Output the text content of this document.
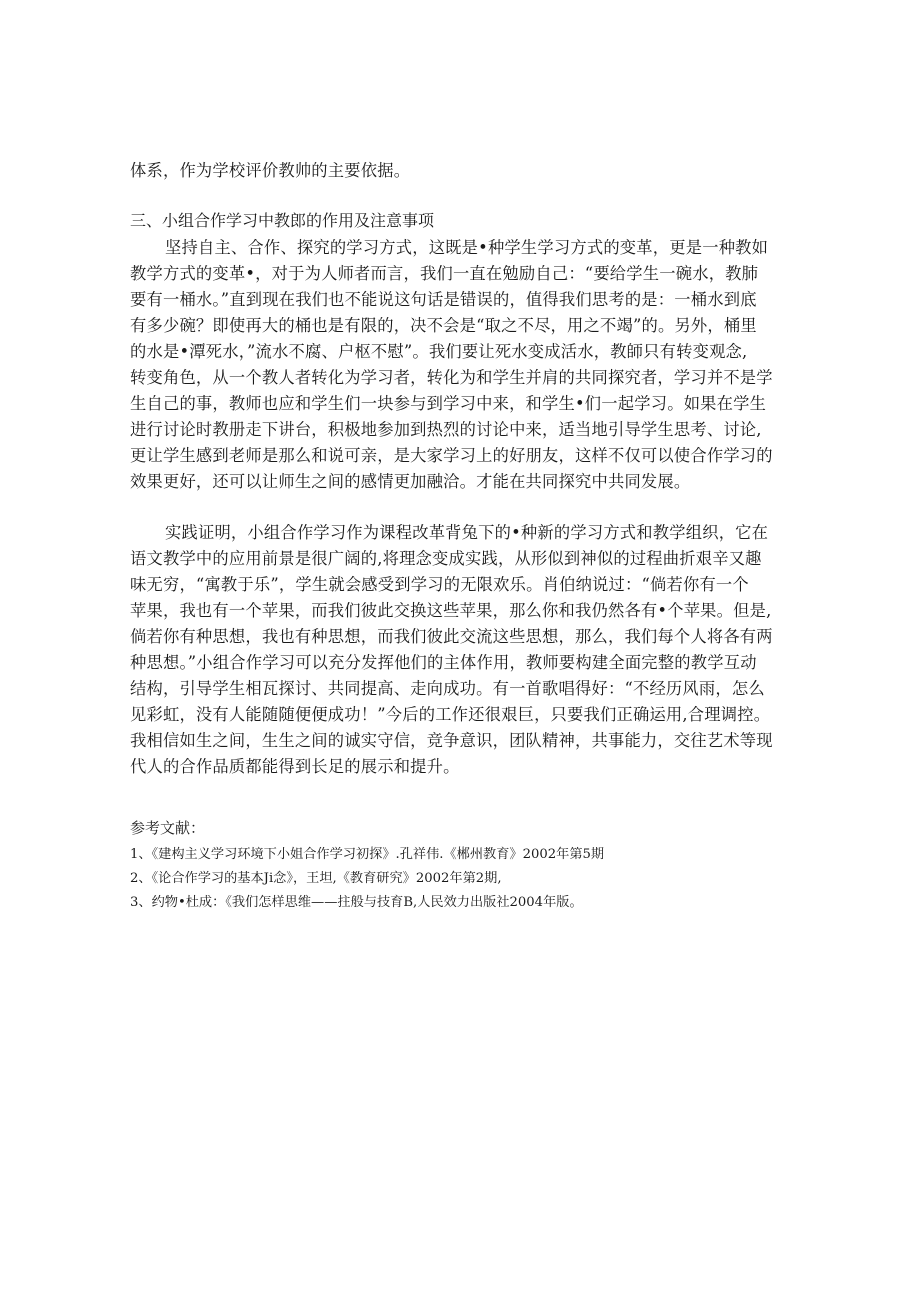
体系，作为学校评价教帅的主要依据。
三、小组合作学习中教郎的作用及注意事项
坚持自主、合作、探究的学习方式，这既是•种学生学习方式的变革，更是一种教如
教学方式的变革•，对于为人师者而言，我们一直在勉励自己：“要给学生一碗水，教肺
要有一桶水。”直到现在我们也不能说这句话是错误的，值得我们思考的是：一桶水到底
有多少碗？即使再大的桶也是有限的，决不会是“取之不尽，用之不竭”的。另外，桶里
的水是•潭死水，”流水不腐、户枢不慰”。我们要让死水变成活水，教師只有转变观念,
转变角色，从一个教人者转化为学习者，转化为和学生并肩的共同探究者，学习并不是学
生自己的事，教师也应和学生们一块参与到学习中来，和学生•们一起学习。如果在学生
进行讨论时教册走下讲台，积极地参加到热烈的讨论中来，适当地引导学生思考、讨论,
更让学生感到老师是那么和说可亲，是大家学习上的好朋友，这样不仅可以使合作学习的
效果更好，还可以让师生之间的感情更加融洽。才能在共同探究中共同发展。
实践证明，小组合作学习作为课程改革背兔下的•种新的学习方式和教学组织，它在
语文教学中的应用前景是很广阔的,将理念变成实践，从形似到神似的过程曲折艰辛又趣
味无穷，“寓教于乐”，学生就会感受到学习的无限欢乐。肖伯纳说过：“倘若你有一个
苹果，我也有一个苹果，而我们彼此交换这些苹果，那么你和我仍然各有•个苹果。但是,
倘若你有种思想，我也有种思想，而我们彼此交流这些思想，那么，我们每个人将各有两
种思想。”小组合作学习可以充分发挥他们的主体作用，教师要构建全面完整的教学互动
结构，引导学生相瓦探讨、共同提高、走向成功。有一首歌唱得好：“不经历风雨，怎么
见彩虹，没有人能随随便便成功！”今后的工作还很艰巨，只要我们正确运用,合理调控。
我相信如生之间，生生之间的诚实守信，竞争意识，团队精神，共事能力，交往艺术等现
代人的合作品质都能得到长足的展示和提升。
参考文献：
1、《建构主义学习环境下小姐合作学习初探》.孔祥伟.《郴州教育》2002年第5期
2、《论合作学习的基本Ji念》，王坦,《教育研究》2002年第2期,
3、约物•杜成：《我们怎样思维——拄般与技育B,人民效力出版社2004年版。
